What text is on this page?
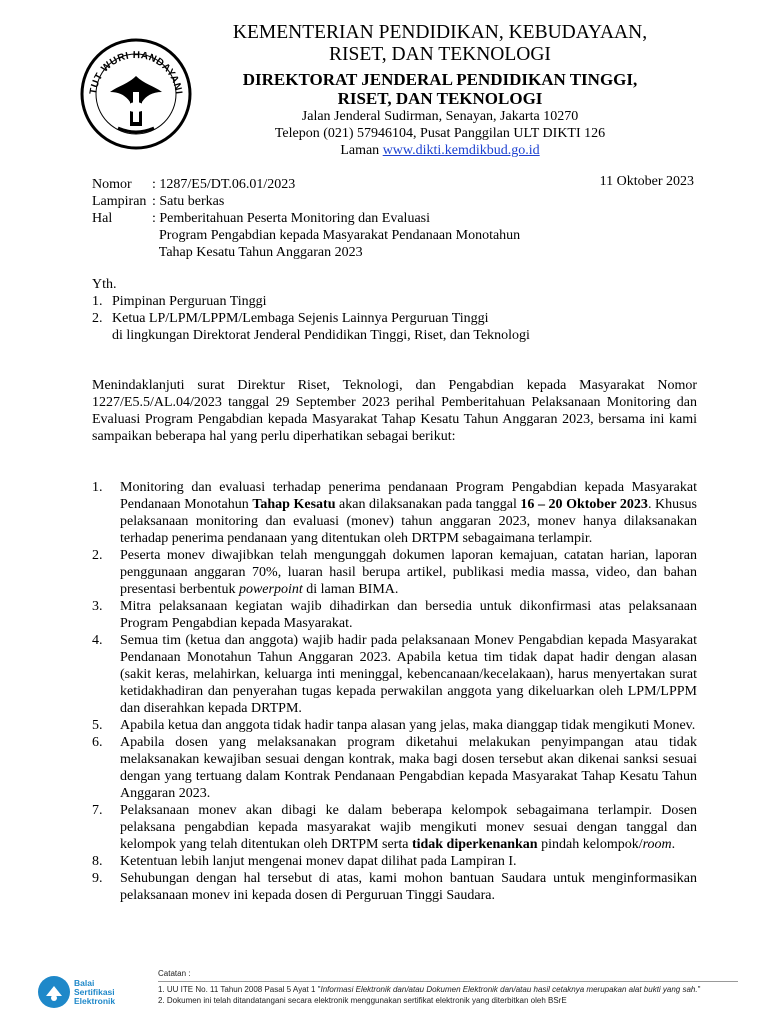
TUT WURI HANDAYANI
KEMENTERIAN PENDIDIKAN, KEBUDAYAAN,
RISET, DAN TEKNOLOGI
DIREKTORAT JENDERAL PENDIDIKAN TINGGI,
RISET, DAN TEKNOLOGI
Jalan Jenderal Sudirman, Senayan, Jakarta 10270
Telepon (021) 57946104, Pusat Panggilan ULT DIKTI 126
Laman www.dikti.kemdikbud.go.id
11 Oktober 2023
Nomor	: 1287/E5/DT.06.01/2023
Lampiran : Satu berkas
Hal	: Pemberitahuan Peserta Monitoring dan Evaluasi
Program Pengabdian kepada Masyarakat Pendanaan Monotahun
Tahap Kesatu Tahun Anggaran 2023
Yth.
1. Pimpinan Perguruan Tinggi
2. Ketua LP/LPM/LPPM/Lembaga Sejenis Lainnya Perguruan Tinggi
di lingkungan Direktorat Jenderal Pendidikan Tinggi, Riset, dan Teknologi
Menindaklanjuti surat Direktur Riset, Teknologi, dan Pengabdian kepada Masyarakat Nomor 1227/E5.5/AL.04/2023 tanggal 29 September 2023 perihal Pemberitahuan Pelaksanaan Monitoring dan Evaluasi Program Pengabdian kepada Masyarakat Tahap Kesatu Tahun Anggaran 2023, bersama ini kami sampaikan beberapa hal yang perlu diperhatikan sebagai berikut:
1.	Monitoring dan evaluasi terhadap penerima pendanaan Program Pengabdian kepada Masyarakat Pendanaan Monotahun Tahap Kesatu akan dilaksanakan pada tanggal 16 – 20 Oktober 2023. Khusus pelaksanaan monitoring dan evaluasi (monev) tahun anggaran 2023, monev hanya dilaksanakan terhadap penerima pendanaan yang ditentukan oleh DRTPM sebagaimana terlampir.
2.	Peserta monev diwajibkan telah mengunggah dokumen laporan kemajuan, catatan harian, laporan penggunaan anggaran 70%, luaran hasil berupa artikel, publikasi media massa, video, dan bahan presentasi berbentuk powerpoint di laman BIMA.
3.	Mitra pelaksanaan kegiatan wajib dihadirkan dan bersedia untuk dikonfirmasi atas pelaksanaan Program Pengabdian kepada Masyarakat.
4.	Semua tim (ketua dan anggota) wajib hadir pada pelaksanaan Monev Pengabdian kepada Masyarakat Pendanaan Monotahun Tahun Anggaran 2023. Apabila ketua tim tidak dapat hadir dengan alasan (sakit keras, melahirkan, keluarga inti meninggal, kebencanaan/kecelakaan), harus menyertakan surat ketidakhadiran dan penyerahan tugas kepada perwakilan anggota yang dikeluarkan oleh LPM/LPPM dan diserahkan kepada DRTPM.
5.	Apabila ketua dan anggota tidak hadir tanpa alasan yang jelas, maka dianggap tidak mengikuti Monev.
6.	Apabila dosen yang melaksanakan program diketahui melakukan penyimpangan atau tidak melaksanakan kewajiban sesuai dengan kontrak, maka bagi dosen tersebut akan dikenai sanksi sesuai dengan yang tertuang dalam Kontrak Pendanaan Pengabdian kepada Masyarakat Tahap Kesatu Tahun Anggaran 2023.
7.	Pelaksanaan monev akan dibagi ke dalam beberapa kelompok sebagaimana terlampir. Dosen pelaksana pengabdian kepada masyarakat wajib mengikuti monev sesuai dengan tanggal dan kelompok yang telah ditentukan oleh DRTPM serta tidak diperkenankan pindah kelompok/room.
8.	Ketentuan lebih lanjut mengenai monev dapat dilihat pada Lampiran I.
9.	Sehubungan dengan hal tersebut di atas, kami mohon bantuan Saudara untuk menginformasikan pelaksanaan monev ini kepada dosen di Perguruan Tinggi Saudara.
Balai
Sertifikasi
Elektronik
Catatan :
1. UU ITE No. 11 Tahun 2008 Pasal 5 Ayat 1 "Informasi Elektronik dan/atau Dokumen Elektronik dan/atau hasil cetaknya merupakan alat bukti yang sah."
2. Dokumen ini telah ditandatangani secara elektronik menggunakan sertifikat elektronik yang diterbitkan oleh BSrE
